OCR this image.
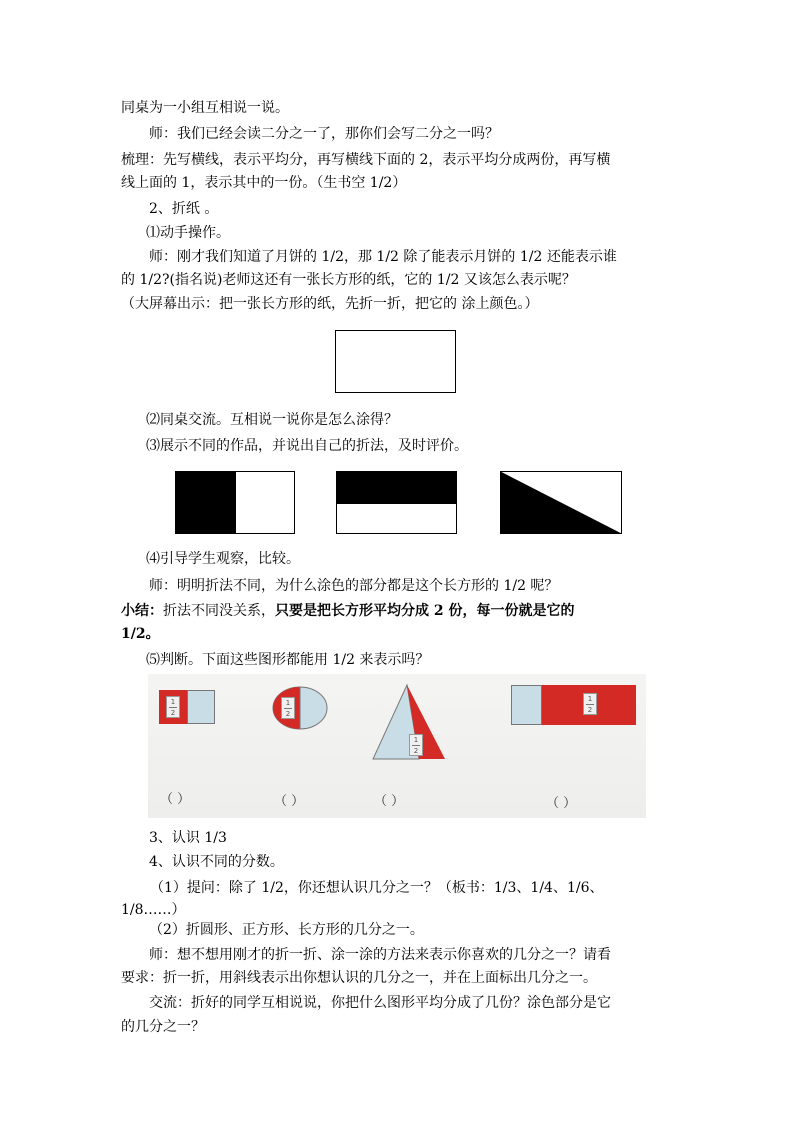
同桌为一小组互相说一说。
师：我们已经会读二分之一了，那你们会写二分之一吗？
梳理：先写横线，表示平均分，再写横线下面的 2，表示平均分成两份，再写横
线上面的 1，表示其中的一份。（生书空 1/2）
2、折纸 。
⑴动手操作。
师：刚才我们知道了月饼的 1/2，那 1/2 除了能表示月饼的 1/2 还能表示谁
的 1/2?(指名说)老师这还有一张长方形的纸，它的 1/2 又该怎么表示呢？
（大屏幕出示：把一张长方形的纸，先折一折，把它的 涂上颜色。）
⑵同桌交流。互相说一说你是怎么涂得？
⑶展示不同的作品，并说出自己的折法，及时评价。
⑷引导学生观察，比较。
师：明明折法不同，为什么涂色的部分都是这个长方形的 1/2 呢？
小结：折法不同没关系，只要是把长方形平均分成 2 份，每一份就是它的
1/2。
⑸判断。下面这些图形都能用 1/2 来表示吗？
1
2
1
2
1
2
1
2
（ ）	（ ）	（ ）	（ ）
3、认识 1/3
4、认识不同的分数。
（1）提问：除了 1/2，你还想认识几分之一？（板书：1/3、1/4、1/6、
1/8……）
（2）折圆形、正方形、长方形的几分之一。
师：想不想用刚才的折一折、涂一涂的方法来表示你喜欢的几分之一？请看
要求：折一折，用斜线表示出你想认识的几分之一，并在上面标出几分之一。
交流：折好的同学互相说说，你把什么图形平均分成了几份？涂色部分是它
的几分之一？
